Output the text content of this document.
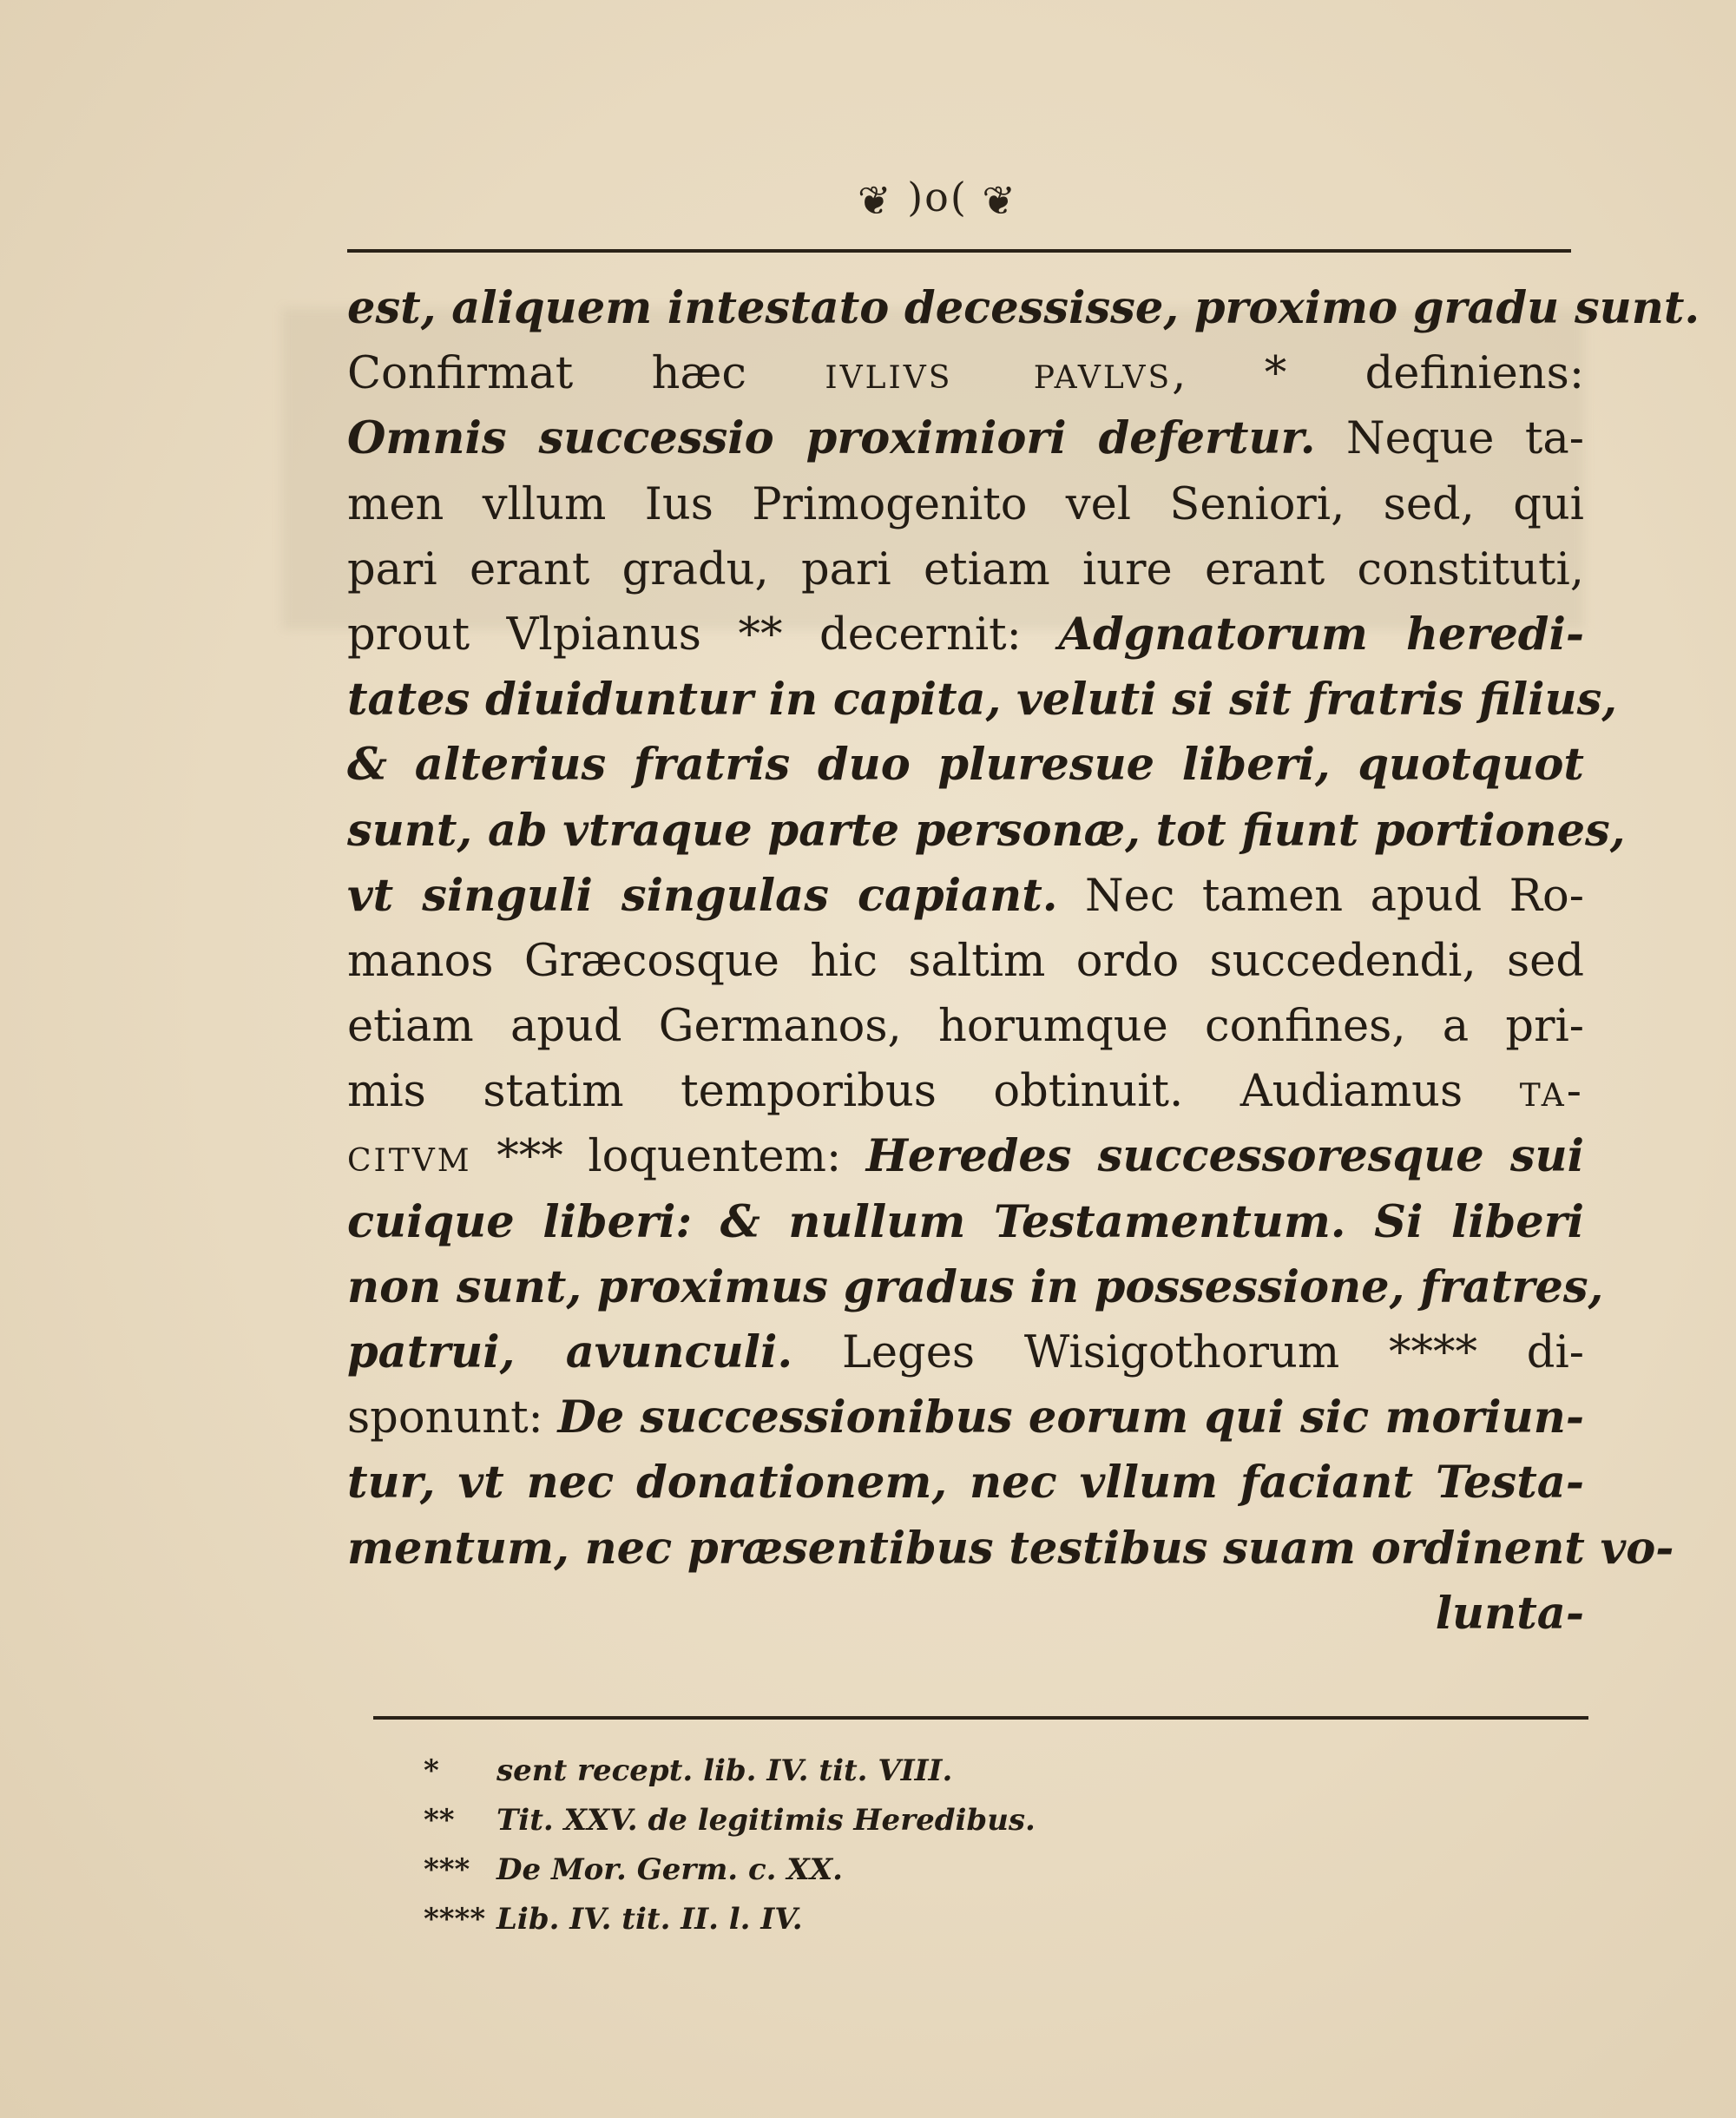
❦ )o( ❦
est, aliquem intestato decessisse, proximo gradu sunt.
Confirmat hæc ivlivs pavlvs, * definiens:
Omnis successio proximiori defertur. Neque ta-
men vllum Ius Primogenito vel Seniori, sed, qui
pari erant gradu, pari etiam iure erant constituti,
prout Vlpianus ** decernit: Adgnatorum heredi-
tates diuiduntur in capita, veluti si sit fratris filius,
& alterius fratris duo pluresue liberi, quotquot
sunt, ab vtraque parte personæ, tot fiunt portiones,
vt singuli singulas capiant. Nec tamen apud Ro-
manos Græcosque hic saltim ordo succedendi, sed
etiam apud Germanos, horumque confines, a pri-
mis statim temporibus obtinuit. Audiamus ta-
citvm *** loquentem: Heredes successoresque sui
cuique liberi: & nullum Testamentum. Si liberi
non sunt, proximus gradus in possessione, fratres,
patrui, avunculi. Leges Wisigothorum **** di-
sponunt: De successionibus eorum qui sic moriun-
tur, vt nec donationem, nec vllum faciant Testa-
mentum, nec præsentibus testibus suam ordinent vo-
lunta-
* sent recept. lib. IV. tit. VIII.
** Tit. XXV. de legitimis Heredibus.
*** De Mor. Germ. c. XX.
**** Lib. IV. tit. II. l. IV.
